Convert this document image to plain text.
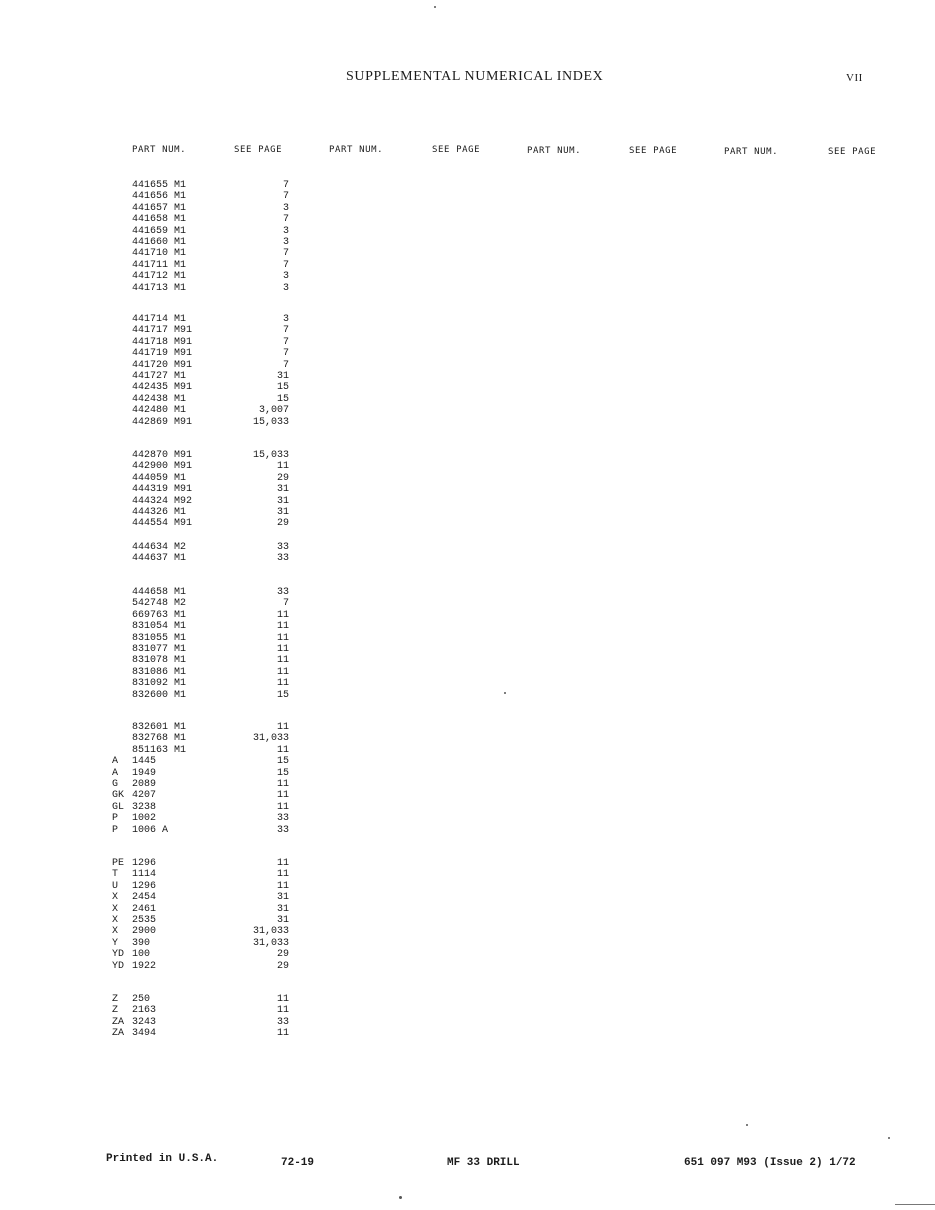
SUPPLEMENTAL NUMERICAL INDEX	VII
PART NUM.	SEE PAGE	PART NUM.	SEE PAGE	PART NUM.	SEE PAGE	PART NUM.	SEE PAGE
441655 M1	7
441656 M1	7
441657 M1	3
441658 M1	7
441659 M1	3
441660 M1	3
441710 M1	7
441711 M1	7
441712 M1	3
441713 M1	3
441714 M1	3
441717 M91	7
441718 M91	7
441719 M91	7
441720 M91	7
441727 M1	31
442435 M91	15
442438 M1	15
442480 M1	3,007
442869 M91	15,033
442870 M91	15,033
442900 M91	11
444059 M1	29
444319 M91	31
444324 M92	31
444326 M1	31
444554 M91	29
444634 M2	33
444637 M1	33
444658 M1	33
542748 M2	7
669763 M1	11
831054 M1	11
831055 M1	11
831077 M1	11
831078 M1	11
831086 M1	11
831092 M1	11
832600 M1	15
832601 M1	11
832768 M1	31,033
851163 M1	11
A 1445	15
A 1949	15
G 2089	11
GK 4207	11
GL 3238	11
P 1002	33
P 1006 A	33
PE 1296	11
T 1114	11
U 1296	11
X 2454	31
X 2461	31
X 2535	31
X 2900	31,033
Y 390	31,033
YD 100	29
YD 1922	29
Z 250	11
Z 2163	11
ZA 3243	33
ZA 3494	11
Printed in U.S.A.	72-19	MF 33 DRILL	651 097 M93 (Issue 2) 1/72
